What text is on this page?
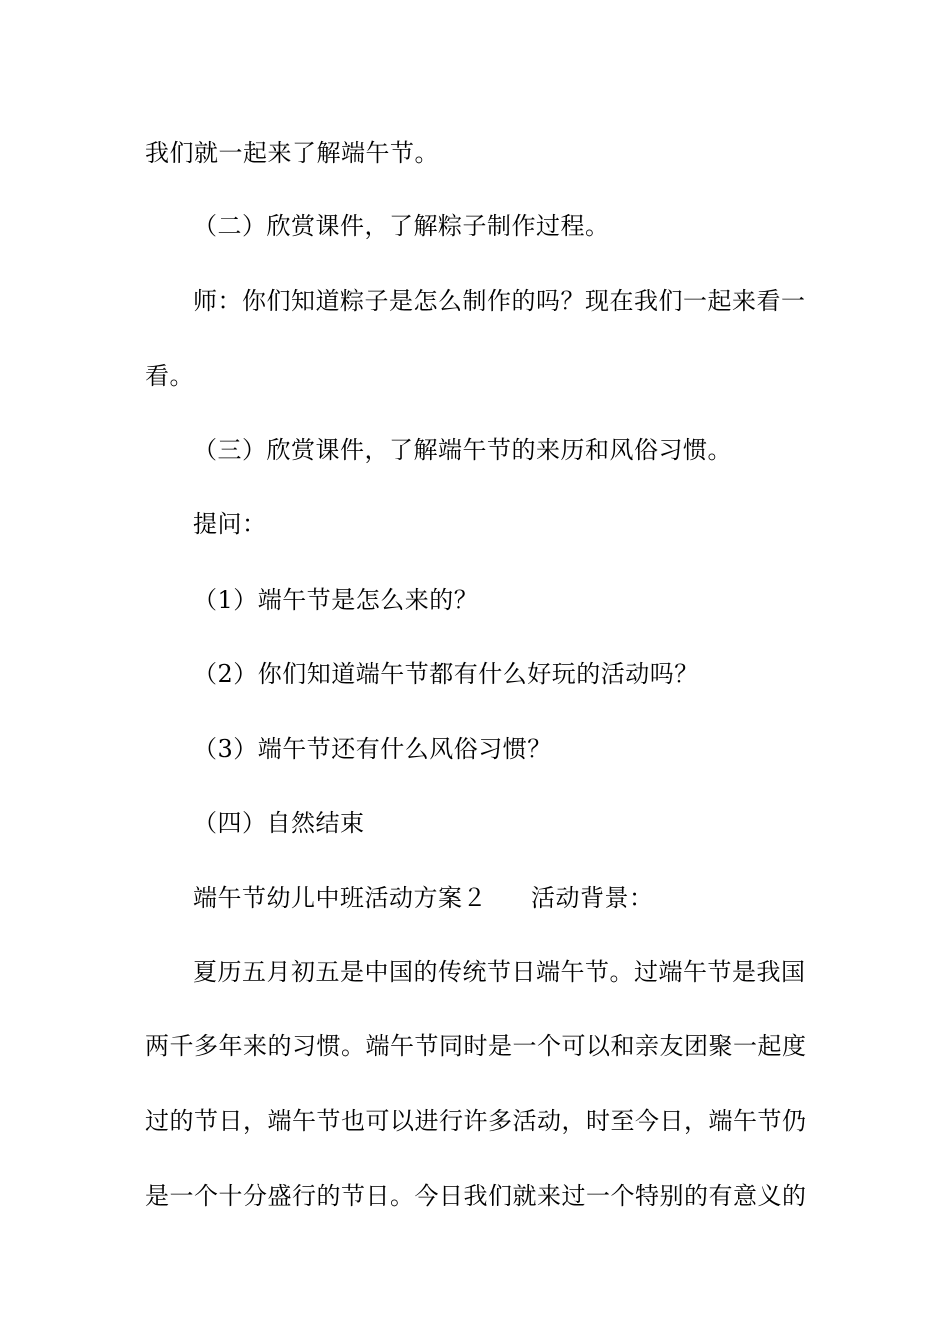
我们就一起来了解端午节。
（二）欣赏课件，了解粽子制作过程。
师：你们知道粽子是怎么制作的吗？现在我们一起来看一
看。
（三）欣赏课件，了解端午节的来历和风俗习惯。
提问：
（1）端午节是怎么来的？
（2）你们知道端午节都有什么好玩的活动吗？
（3）端午节还有什么风俗习惯？
（四）自然结束
端午节幼儿中班活动方案２ 活动背景：
夏历五月初五是中国的传统节日端午节。过端午节是我国
两千多年来的习惯。端午节同时是一个可以和亲友团聚一起度
过的节日，端午节也可以进行许多活动，时至今日，端午节仍
是一个十分盛行的节日。今日我们就来过一个特别的有意义的
